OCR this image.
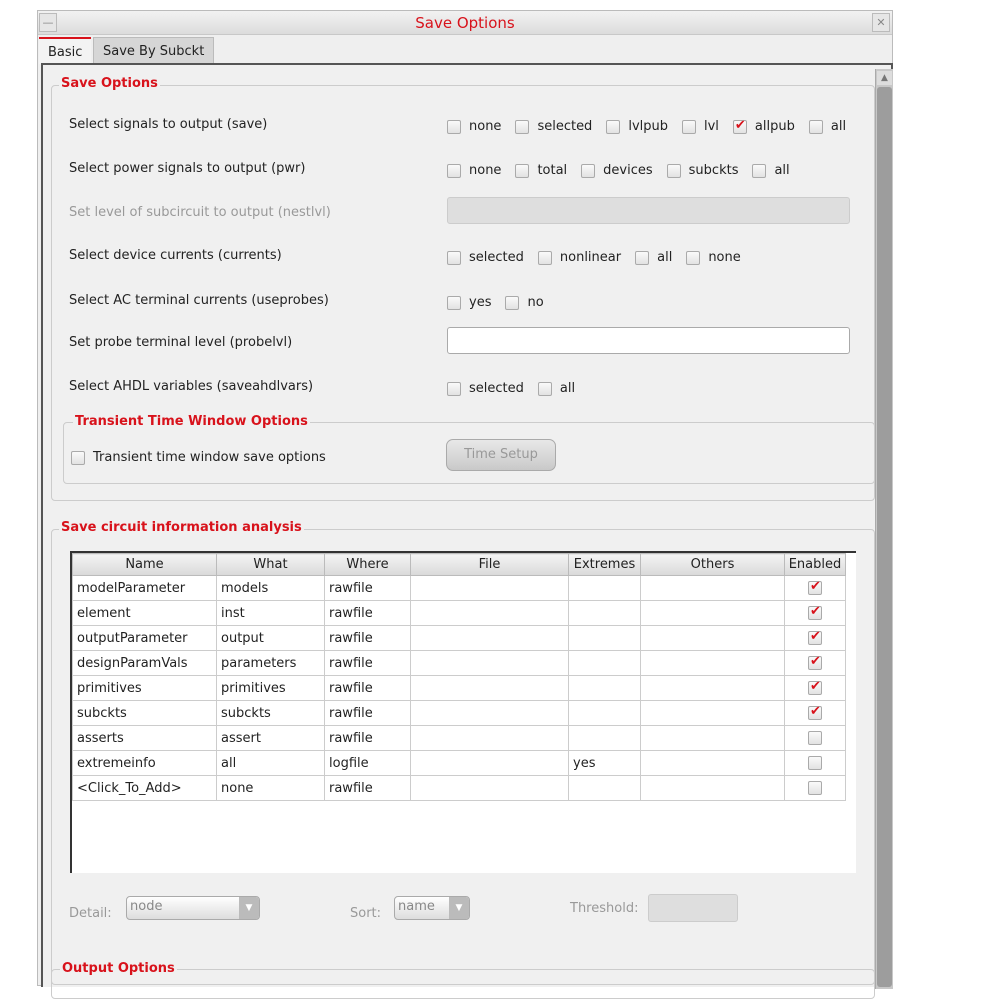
—	Save Options	✕
Basic	Save By Subckt
▲
Save Options
Transient Time Window Options
Transient time window save options	Time Setup
Save circuit information analysis
Name	What	Where	File	Extremes	Others	Enabled
modelParameter	models	rawfile				✔
element	inst	rawfile				✔
outputParameter	output	rawfile				✔
designParamVals	parameters	rawfile				✔
primitives	primitives	rawfile				✔
subckts	subckts	rawfile				✔
asserts	assert	rawfile				
extremeinfo	all	logfile		yes		
<Click_To_Add>	none	rawfile				
Detail:	node	▼	Sort:	name	▼	Threshold:
Output Options
Select signals to output (save)	none	selected	lvlpub	lvl ✔	allpub	all
Select power signals to output (pwr)	none	total	devices	subckts	all
Set level of subcircuit to output (nestlvl)
Select device currents (currents)	selected	nonlinear	all	none
Select AC terminal currents (useprobes)	yes	no
Set probe terminal level (probelvl)
Select AHDL variables (saveahdlvars)	selected	all
